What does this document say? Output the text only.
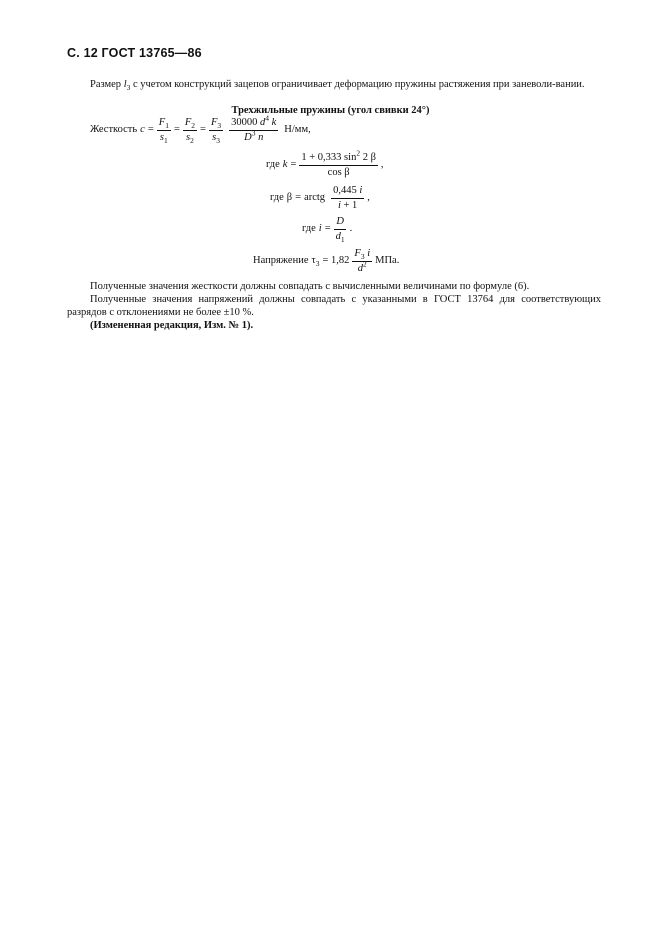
С. 12 ГОСТ 13765—86
Размер $l_3$ с учетом конструкций зацепов ограничивает деформацию пружины растяжения при заневоли-вании.
Трехжильные пружины (угол свивки 24°)
Жесткость $c = \frac{F_1}{s_1} = \frac{F_2}{s_2} = \frac{F_3}{s_3} \frac{30000 d^4 k}{D^3 n} Н/мм$,
где $k = \frac{1 + 0,333 \sin^2 2 \beta}{\text{cos β}}$ ,
где β = arctg $\frac{0,445 i}{i + 1}$ ,
где $i = \frac{D}{d_1}$ .
Напряжение $\tau_3 = 1,82 \frac{F_3 i}{d^2}$ МПа.
Полученные значения жесткости должны совпадать с вычисленными величинами по формуле (6).
Полученные значения напряжений должны совпадать с указанными в ГОСТ 13764 для соответствующих разрядов с отклонениями не более ±10 %.
(Измененная редакция, Изм. № 1).
